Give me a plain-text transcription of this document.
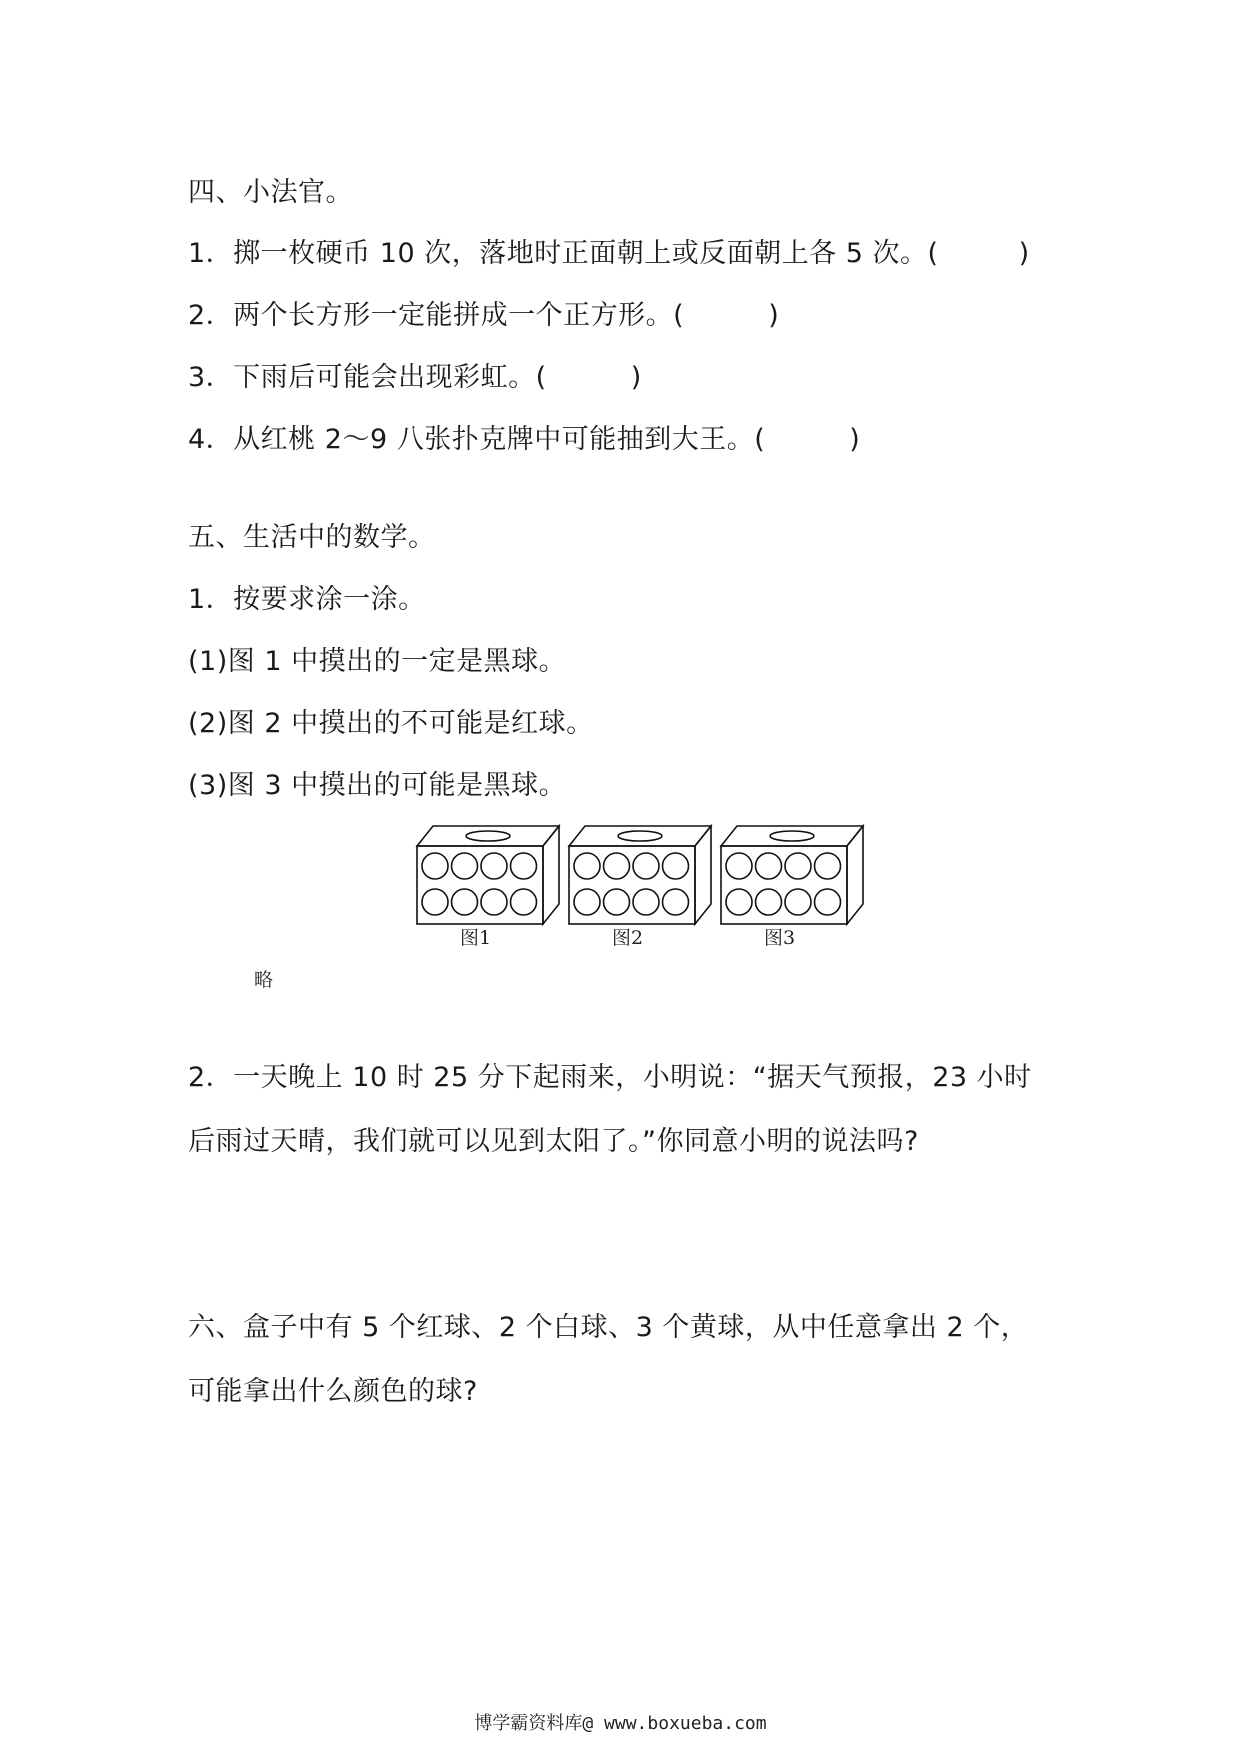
四、小法官。
1．掷一枚硬币 10 次，落地时正面朝上或反面朝上各 5 次。(	)
2．两个长方形一定能拼成一个正方形。(	)
3．下雨后可能会出现彩虹。(	)
4．从红桃 2～9 八张扑克牌中可能抽到大王。(	)
五、生活中的数学。
1．按要求涂一涂。
(1)图 1 中摸出的一定是黑球。
(2)图 2 中摸出的不可能是红球。
(3)图 3 中摸出的可能是黑球。
图1	图2	图3
略
2．一天晚上 10 时 25 分下起雨来，小明说：“据天气预报，23 小时
后雨过天晴，我们就可以见到太阳了。”你同意小明的说法吗?
六、盒子中有 5 个红球、2 个白球、3 个黄球，从中任意拿出 2 个，
可能拿出什么颜色的球?
博学霸资料库@ www.boxueba.com
